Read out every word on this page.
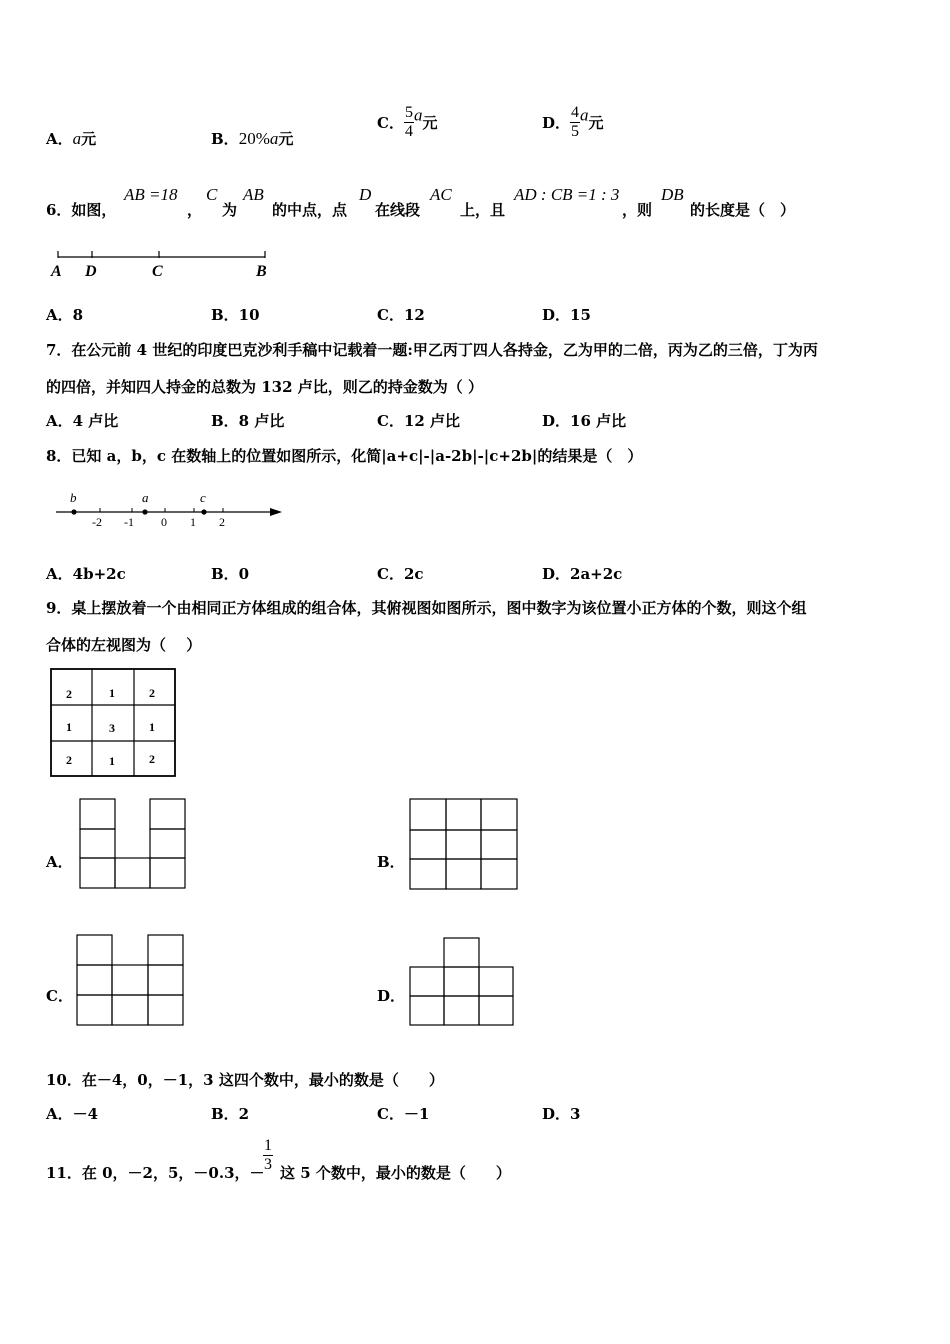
A．a元	B．20%a元
C． $\frac{5}{4}$ a元	D． $\frac{4}{5}$ a元
6．如图，
AB =18
，
C
为
AB
的中点，点
D
在线段
AC
上，且
AD : CB =1 : 3
，则
DB
的长度是（　）
A D	C	B
A．8	B．10	C．12	D．15
7．在公元前 4 世纪的印度巴克沙利手稿中记载着一题:甲乙丙丁四人各持金，乙为甲的二倍，丙为乙的三倍，丁为丙
的四倍，并知四人持金的总数为 132 卢比，则乙的持金数为（ ）
A．4 卢比	B．8 卢比	C．12 卢比	D．16 卢比
8．已知 a，b，c 在数轴上的位置如图所示，化简|a+c|-|a-2b|-|c+2b|的结果是（　）
b	a	c
-2 -1 0 1 2
A．4b+2c	B．0	C．2c	D．2a+2c
9．桌上摆放着一个由相同正方体组成的组合体，其俯视图如图所示，图中数字为该位置小正方体的个数，则这个组
合体的左视图为（　 ）
2	1	2
1	3	1
2	1	2
A．	B．
C．	D．
10．在－4，0，－1，3 这四个数中，最小的数是（　　）
A．－4	B．2	C．－1	D．3
11．在 0，－2，5，－0.3，－
$\frac{1}{3}$ 这 5 个数中，最小的数是（　　）
